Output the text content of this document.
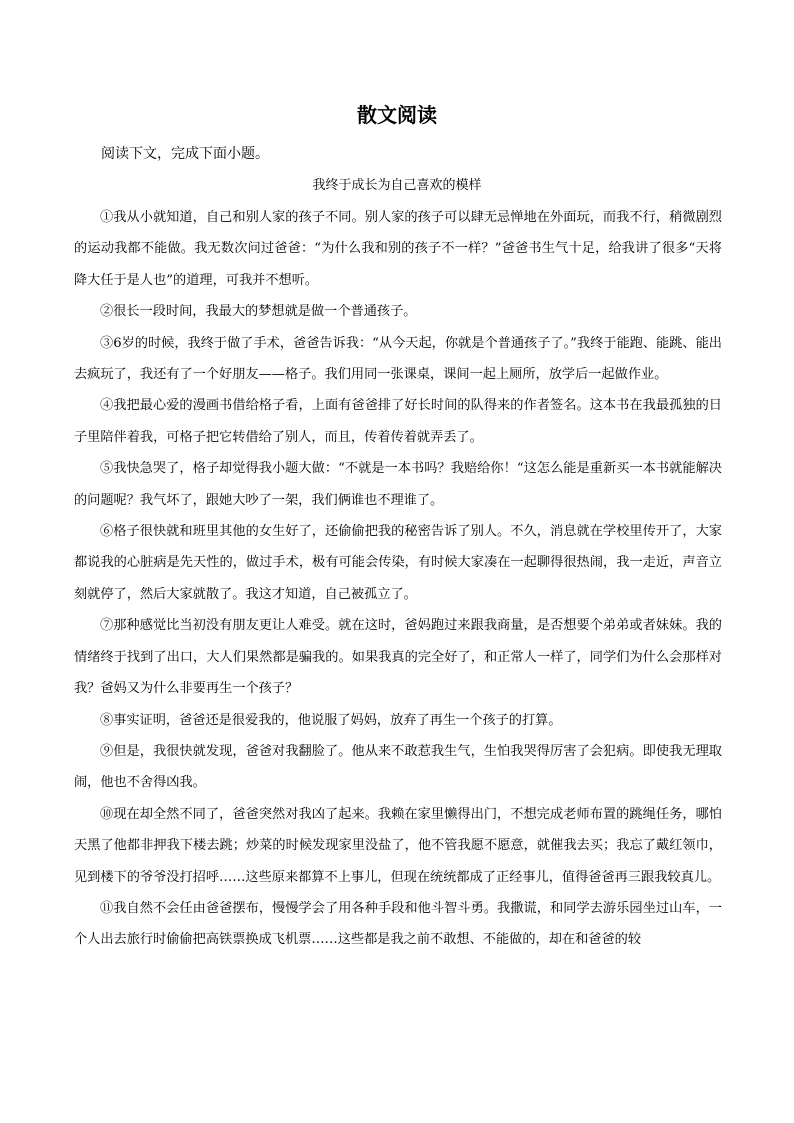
散文阅读
阅读下文，完成下面小题。
我终于成长为自己喜欢的模样

①我从小就知道，自己和别人家的孩子不同。别人家的孩子可以肆无忌惮地在外面玩，而我不行，稍微剧烈的运动我都不能做。我无数次问过爸爸：“为什么我和别的孩子不一样？”爸爸书生气十足，给我讲了很多“天将降大任于是人也”的道理，可我并不想听。

②很长一段时间，我最大的梦想就是做一个普通孩子。

③6岁的时候，我终于做了手术，爸爸告诉我：“从今天起，你就是个普通孩子了。”我终于能跑、能跳、能出去疯玩了，我还有了一个好朋友——格子。我们用同一张课桌，课间一起上厕所，放学后一起做作业。

④我把最心爱的漫画书借给格子看，上面有爸爸排了好长时间的队得来的作者签名。这本书在我最孤独的日子里陪伴着我，可格子把它转借给了别人，而且，传着传着就弄丢了。

⑤我快急哭了，格子却觉得我小题大做：“不就是一本书吗？我赔给你！“这怎么能是重新买一本书就能解决的问题呢？我气坏了，跟她大吵了一架，我们俩谁也不理谁了。

⑥格子很快就和班里其他的女生好了，还偷偷把我的秘密告诉了别人。不久，消息就在学校里传开了，大家都说我的心脏病是先天性的，做过手术，极有可能会传染，有时候大家凑在一起聊得很热闹，我一走近，声音立刻就停了，然后大家就散了。我这才知道，自己被孤立了。

⑦那种感觉比当初没有朋友更让人难受。就在这时，爸妈跑过来跟我商量，是否想要个弟弟或者妹妹。我的情绪终于找到了出口，大人们果然都是骗我的。如果我真的完全好了，和正常人一样了，同学们为什么会那样对我？爸妈又为什么非要再生一个孩子？

⑧事实证明，爸爸还是很爱我的，他说服了妈妈，放弃了再生一个孩子的打算。

⑨但是，我很快就发现，爸爸对我翻脸了。他从来不敢惹我生气，生怕我哭得厉害了会犯病。即使我无理取闹，他也不舍得凶我。

⑩现在却全然不同了，爸爸突然对我凶了起来。我赖在家里懒得出门，不想完成老师布置的跳绳任务，哪怕天黑了他都非押我下楼去跳；炒菜的时候发现家里没盐了，他不管我愿不愿意，就催我去买；我忘了戴红领巾，见到楼下的爷爷没打招呼……这些原来都算不上事儿，但现在统统都成了正经事儿，值得爸爸再三跟我较真儿。

⑪我自然不会任由爸爸摆布，慢慢学会了用各种手段和他斗智斗勇。我撒谎，和同学去游乐园坐过山车，一个人出去旅行时偷偷把高铁票换成飞机票……这些都是我之前不敢想、不能做的，却在和爸爸的较
